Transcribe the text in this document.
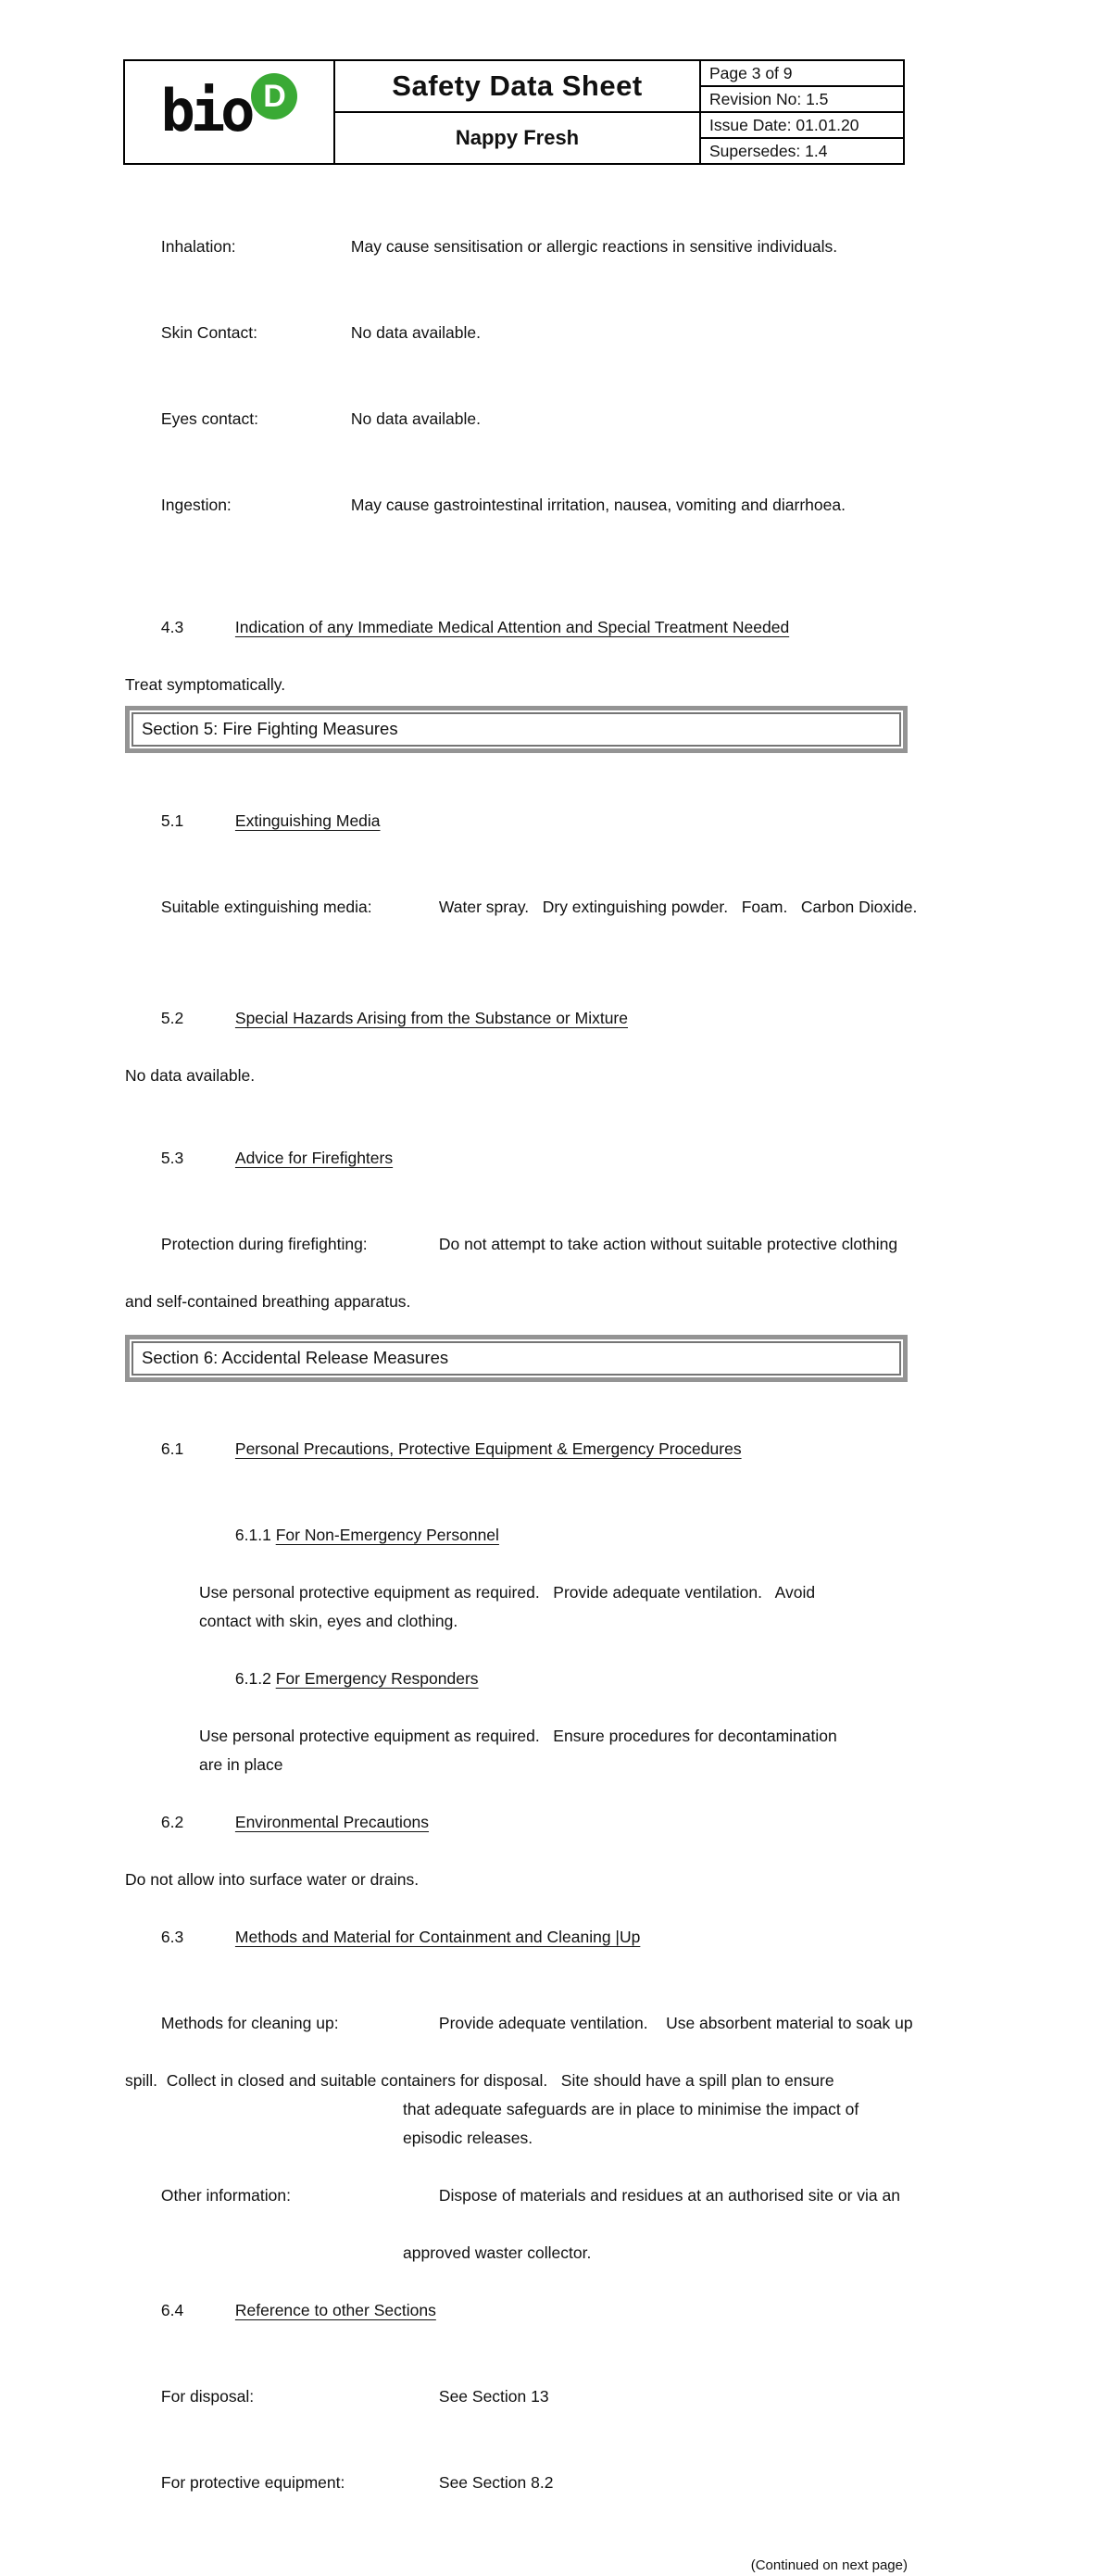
bio D	Safety Data Sheet	Page 3 of 9
		Revision No: 1.5
	Nappy Fresh	Issue Date: 01.01.20
		Supersedes: 1.4

Inhalation:	May cause sensitisation or allergic reactions in sensitive individuals.

Skin Contact:	No data available.

Eyes contact:	No data available.

Ingestion:	May cause gastrointestinal irritation, nausea, vomiting and diarrhoea.

4.3	Indication of any Immediate Medical Attention and Special Treatment Needed

Treat symptomatically.
Section 5: Fire Fighting Measures

5.1	Extinguishing Media

Suitable extinguishing media:	Water spray.   Dry extinguishing powder.   Foam.   Carbon Dioxide.

5.2	Special Hazards Arising from the Substance or Mixture

No data available.

5.3	Advice for Firefighters

Protection during firefighting:	Do not attempt to take action without suitable protective clothing

and self-contained breathing apparatus.
Section 6: Accidental Release Measures

6.1	Personal Precautions, Protective Equipment & Emergency Procedures

6.1.1 For Non-Emergency Personnel

Use personal protective equipment as required.   Provide adequate ventilation.   Avoid
contact with skin, eyes and clothing.

6.1.2 For Emergency Responders

Use personal protective equipment as required.   Ensure procedures for decontamination
are in place

6.2	Environmental Precautions

Do not allow into surface water or drains.

6.3	Methods and Material for Containment and Cleaning |Up

Methods for cleaning up:	Provide adequate ventilation.    Use absorbent material to soak up

spill.  Collect in closed and suitable containers for disposal.   Site should have a spill plan to ensure
that adequate safeguards are in place to minimise the impact of
episodic releases.

Other information:	Dispose of materials and residues at an authorised site or via an

approved waster collector.

6.4	Reference to other Sections

For disposal:	See Section 13

For protective equipment:	See Section 8.2

(Continued on next page)
